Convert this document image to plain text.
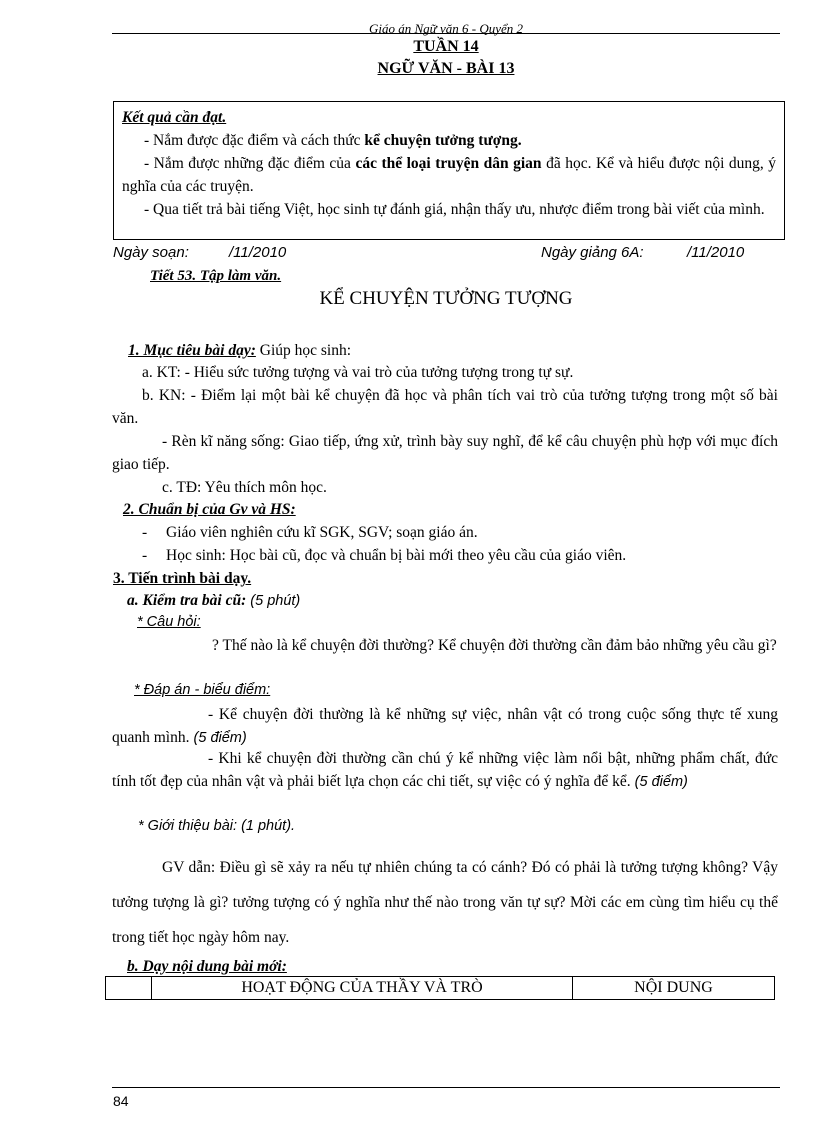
Giáo án Ngữ văn 6 - Quyển 2
TUẦN 14
NGỮ VĂN - BÀI 13

Kết quả cần đạt.

- Nắm được đặc điểm và cách thức kể chuyện tưởng tượng.

- Nắm được những đặc điểm của các thể loại truyện dân gian đã học. Kể và hiểu được nội dung, ý nghĩa của các truyện.

- Qua tiết trả bài tiếng Việt, học sinh tự đánh giá, nhận thấy ưu, nhược điểm trong bài viết của mình.

Ngày soạn:	/11/2010	Ngày giảng 6A:	/11/2010
Tiết 53. Tập làm văn.
KỂ CHUYỆN TƯỞNG TƯỢNG
1. Mục tiêu bài dạy: Giúp học sinh:
a. KT: - Hiểu sức tưởng tượng và vai trò của tưởng tượng trong tự sự.
b. KN: - Điểm lại một bài kể chuyện đã học và phân tích vai trò của tưởng tượng trong một số bài văn.
- Rèn kĩ năng sống: Giao tiếp, ứng xử, trình bày suy nghĩ, để kể câu chuyện phù hợp với mục đích giao tiếp.
c. TĐ: Yêu thích môn học.
2. Chuẩn bị của Gv và HS:
- Giáo viên nghiên cứu kĩ SGK, SGV; soạn giáo án.
- Học sinh: Học bài cũ, đọc và chuẩn bị bài mới theo yêu cầu của giáo viên.
3. Tiến trình bài dạy.
a. Kiểm tra bài cũ: (5 phút)
* Câu hỏi:
? Thế nào là kể chuyện đời thường? Kể chuyện đời thường cần đảm bảo những yêu cầu gì?
* Đáp án - biểu điểm:
- Kể chuyện đời thường là kể những sự việc, nhân vật có trong cuộc sống thực tế xung quanh mình. (5 điểm)
- Khi kể chuyện đời thường cần chú ý kể những việc làm nổi bật, những phẩm chất, đức tính tốt đẹp của nhân vật và phải biết lựa chọn các chi tiết, sự việc có ý nghĩa để kể. (5 điểm)
* Giới thiệu bài: (1 phút).
GV dẫn: Điều gì sẽ xảy ra nếu tự nhiên chúng ta có cánh? Đó có phải là tưởng tượng không? Vậy tưởng tượng là gì? tưởng tượng có ý nghĩa như thế nào trong văn tự sự? Mời các em cùng tìm hiểu cụ thể trong tiết học ngày hôm nay.
b. Dạy nội dung bài mới:
	HOẠT ĐỘNG CỦA THẦY VÀ TRÒ	NỘI DUNG
84
